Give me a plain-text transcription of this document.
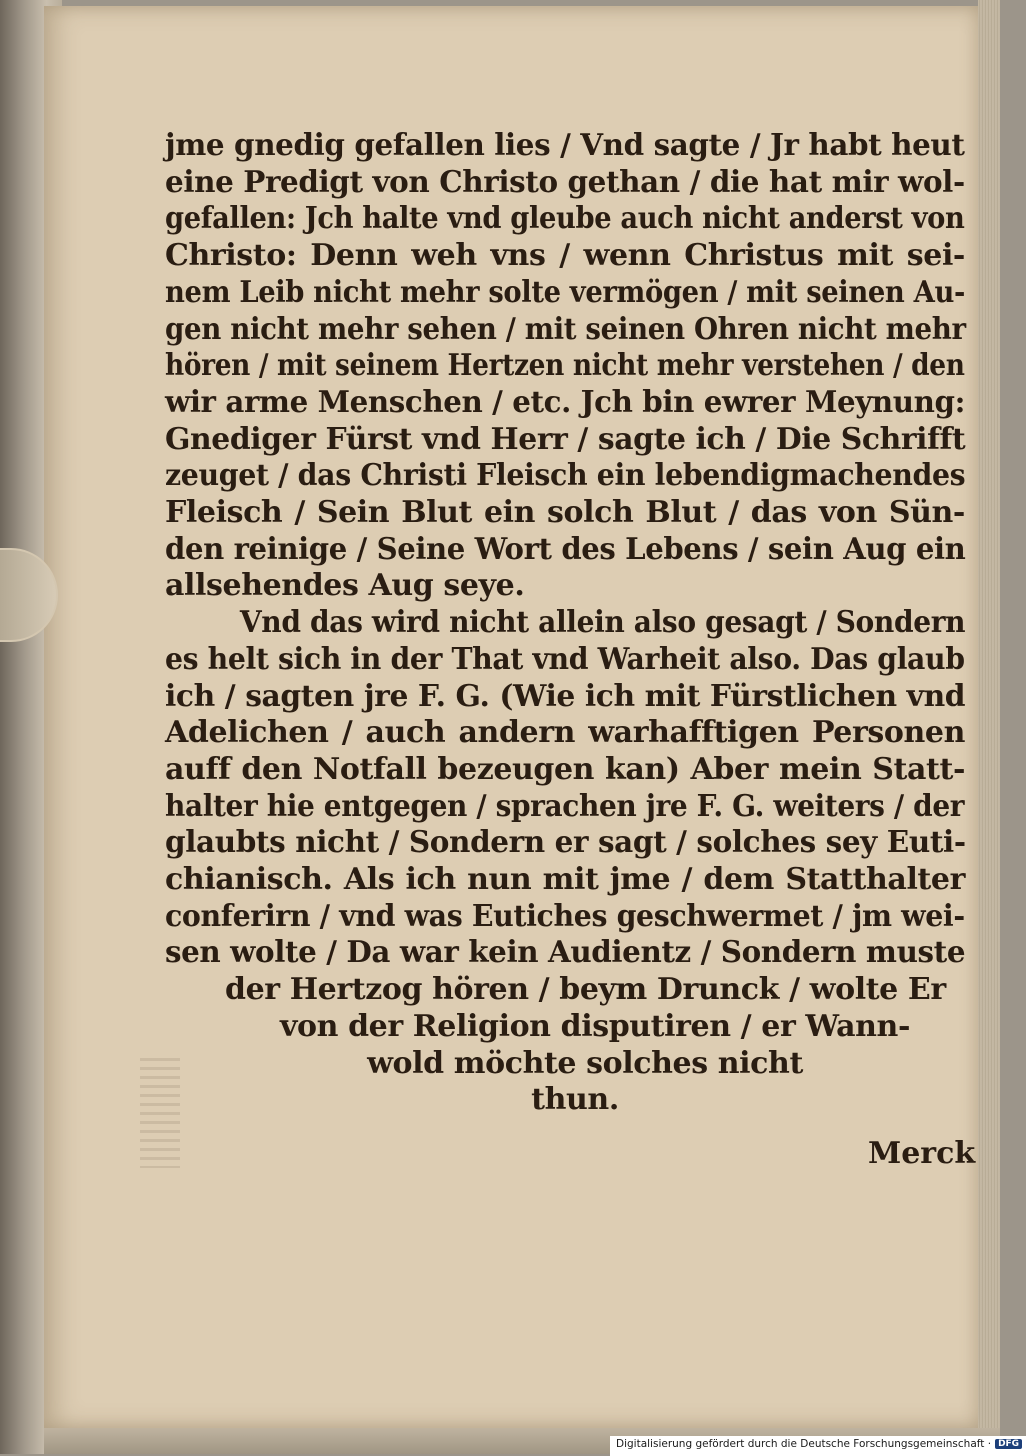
jme gnedig gefallen lies / Vnd sagte / Jr habt heut
eine Predigt von Christo gethan / die hat mir wol-
gefallen: Jch halte vnd gleube auch nicht anderst von
Christo: Denn weh vns / wenn Christus mit sei-
nem Leib nicht mehr solte vermögen / mit seinen Au-
gen nicht mehr sehen / mit seinen Ohren nicht mehr
hören / mit seinem Hertzen nicht mehr verstehen / den
wir arme Menschen / etc. Jch bin ewrer Meynung:
Gnediger Fürst vnd Herr / sagte ich / Die Schrifft
zeuget / das Christi Fleisch ein lebendigmachendes
Fleisch / Sein Blut ein solch Blut / das von Sün-
den reinige / Seine Wort des Lebens / sein Aug ein
allsehendes Aug seye.
Vnd das wird nicht allein also gesagt / Sondern
es helt sich in der That vnd Warheit also. Das glaub
ich / sagten jre F. G. (Wie ich mit Fürstlichen vnd
Adelichen / auch andern warhafftigen Personen
auff den Notfall bezeugen kan) Aber mein Statt-
halter hie entgegen / sprachen jre F. G. weiters / der
glaubts nicht / Sondern er sagt / solches sey Euti-
chianisch. Als ich nun mit jme / dem Statthalter
conferirn / vnd was Eutiches geschwermet / jm wei-
sen wolte / Da war kein Audientz / Sondern muste
der Hertzog hören / beym Drunck / wolte Er
von der Religion disputiren / er Wann-
wold möchte solches nicht
thun.
Merck
Digitalisierung gefördert durch die Deutsche Forschungsgemeinschaft · DFG
